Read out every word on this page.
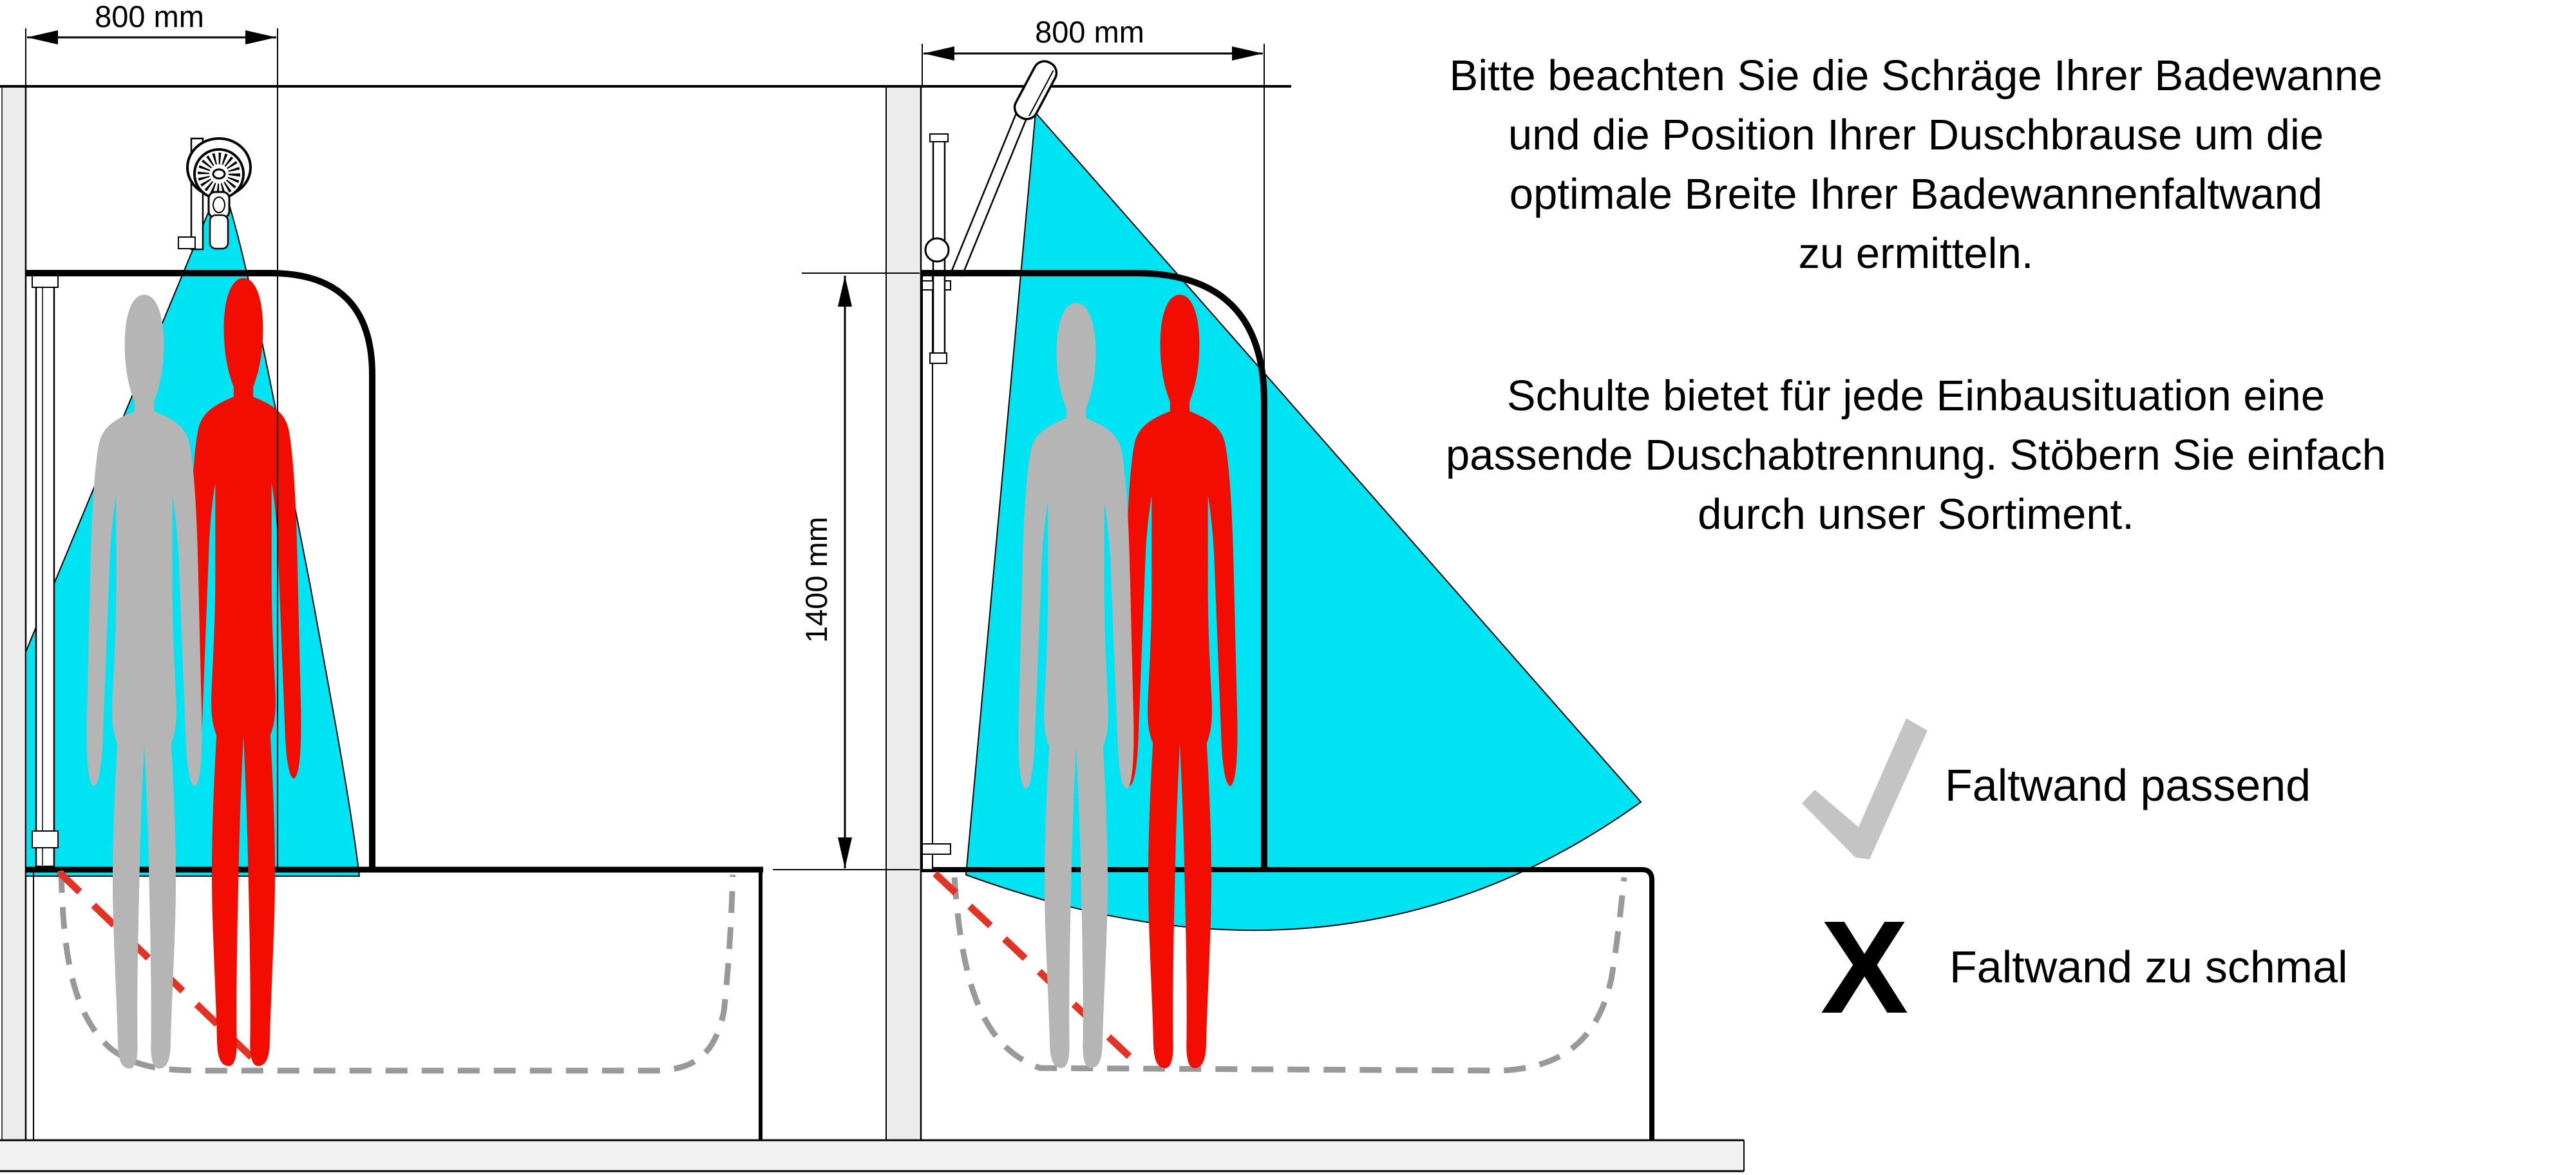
800 mm	800 mm
1400 mm
Bitte beachten Sie die Schräge Ihrer Badewanne
und die Position Ihrer Duschbrause um die
optimale Breite Ihrer Badewannenfaltwand
zu ermitteln.
Schulte bietet für jede Einbausituation eine
passende Duschabtrennung. Stöbern Sie einfach
durch unser Sortiment.
Faltwand passend
X Faltwand zu schmal
